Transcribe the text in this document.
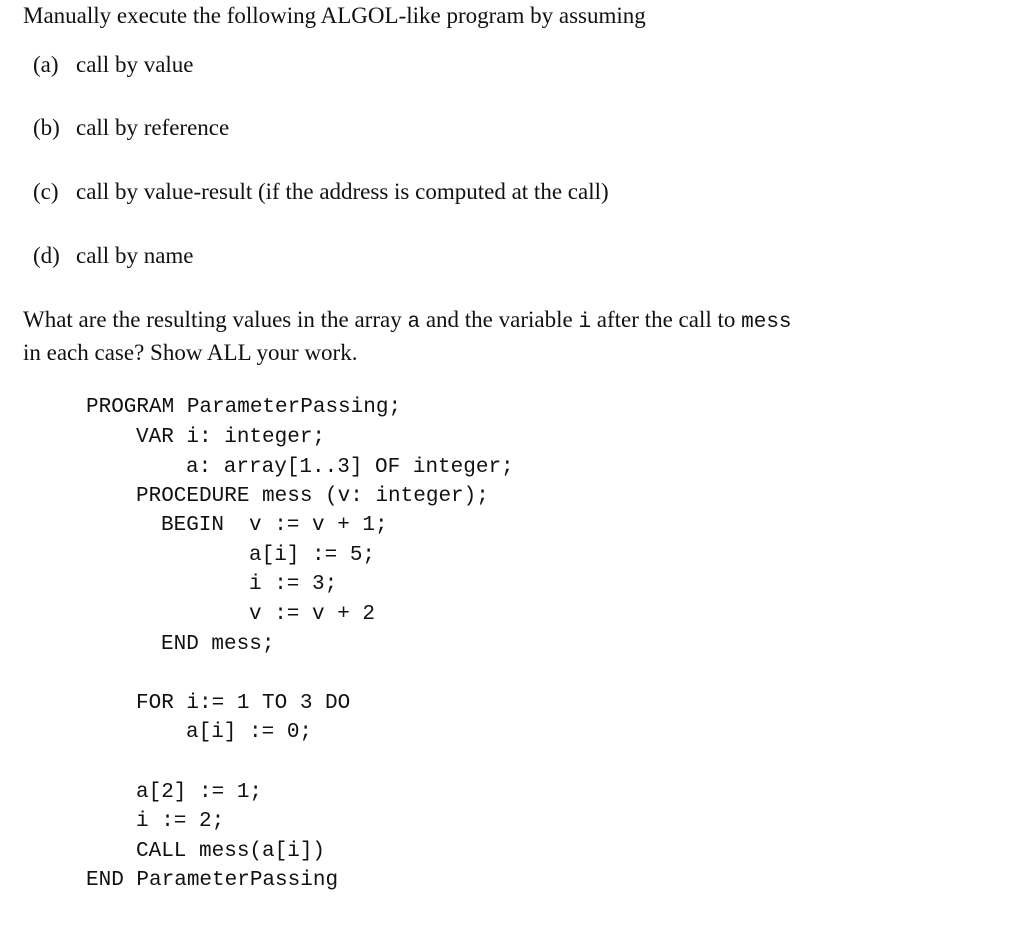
Manually execute the following ALGOL-like program by assuming
(a) call by value
(b) call by reference
(c) call by value-result (if the address is computed at the call)
(d) call by name
What are the resulting values in the array a and the variable i after the call to mess
in each case? Show ALL your work.
PROGRAM ParameterPassing;
VAR i: integer;
a: array[1..3] OF integer;
PROCEDURE mess (v: integer);
BEGIN v := v + 1;
a[i] := 5;
i := 3;
v := v + 2
END mess;
FOR i:= 1 TO 3 DO
a[i] := 0;
a[2] := 1;
i := 2;
CALL mess(a[i])
END ParameterPassing
